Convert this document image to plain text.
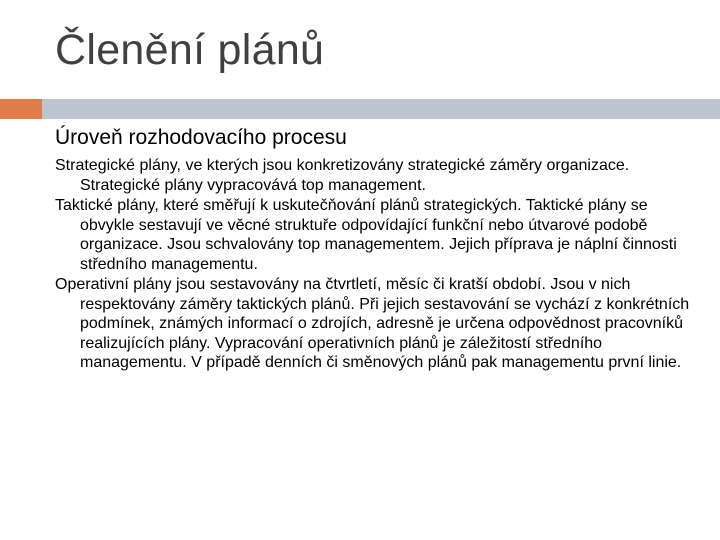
Členění plánů
Úroveň rozhodovacího procesu

Strategické plány, ve kterých jsou konkretizovány strategické záměry organizace. Strategické plány vypracovává top management.

Taktické plány, které směřují k uskutečňování plánů strategických. Taktické plány se obvykle sestavují ve věcné struktuře odpovídající funkční nebo útvarové podobě organizace. Jsou schvalovány top managementem. Jejich příprava je náplní činnosti středního managementu.

Operativní plány jsou sestavovány na čtvrtletí, měsíc či kratší období. Jsou v nich respektovány záměry taktických plánů. Při jejich sestavování se vychází z konkrétních podmínek, známých informací o zdrojích, adresně je určena odpovědnost pracovníků realizujících plány. Vypracování operativních plánů je záležitostí středního managementu. V případě denních či směnových plánů pak managementu první linie.
